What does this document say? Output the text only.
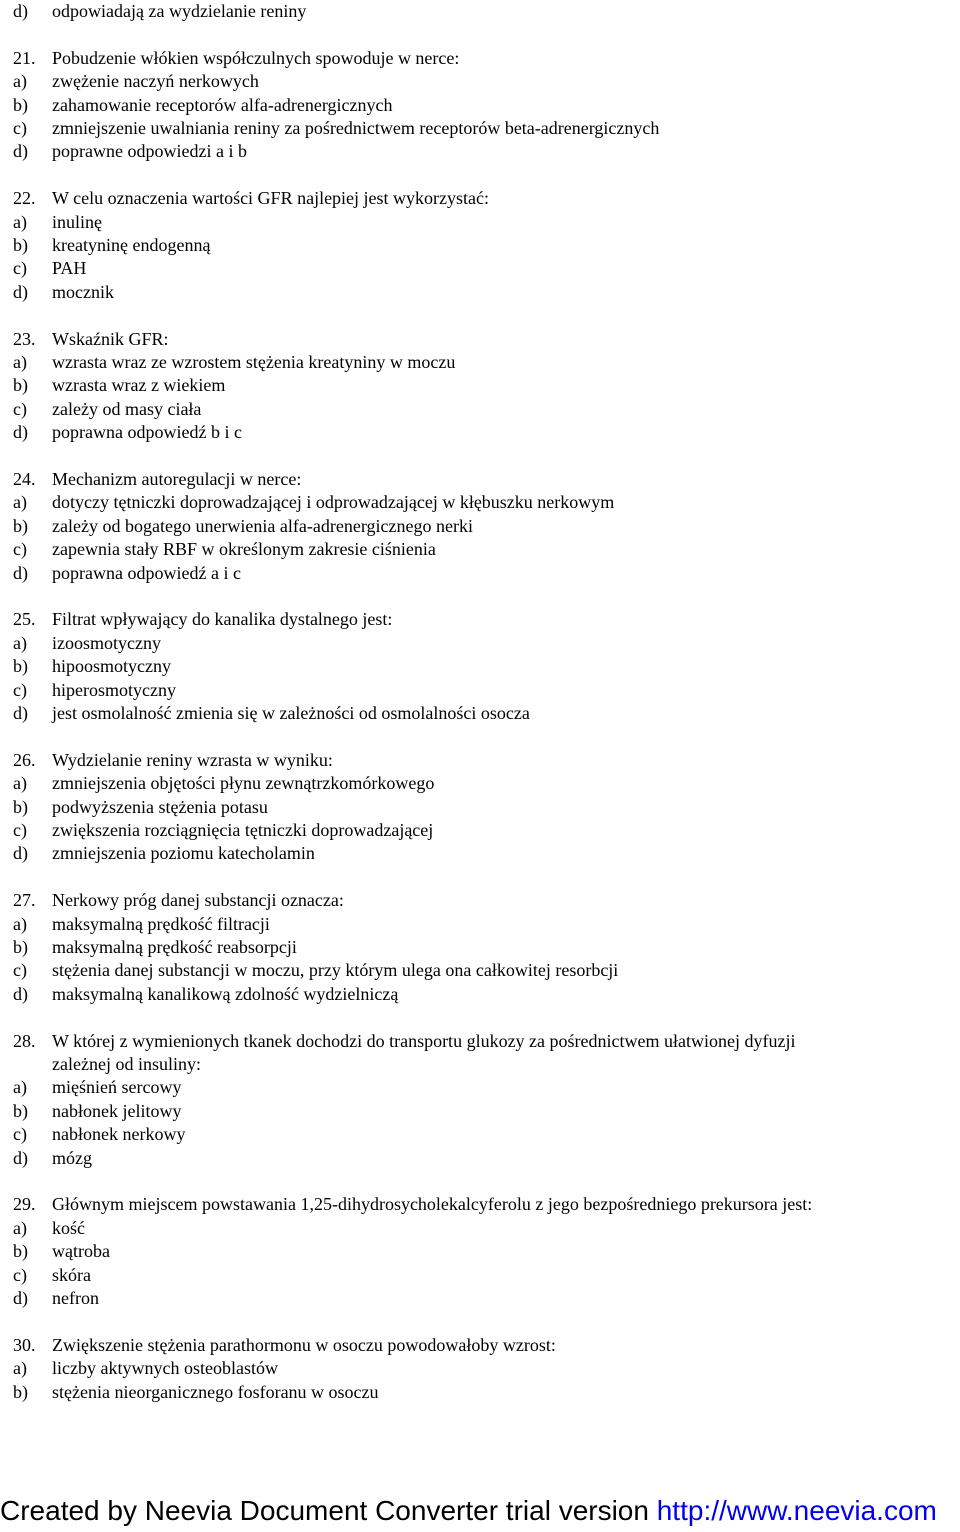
d) odpowiadają za wydzielanie reniny
21. Pobudzenie włókien współczulnych spowoduje w nerce:
a) zwężenie naczyń nerkowych
b) zahamowanie receptorów alfa-adrenergicznych
c) zmniejszenie uwalniania reniny za pośrednictwem receptorów beta-adrenergicznych
d) poprawne odpowiedzi a i b
22. W celu oznaczenia wartości GFR najlepiej jest wykorzystać:
a) inulinę
b) kreatyninę endogenną
c) PAH
d) mocznik
23. Wskaźnik GFR:
a) wzrasta wraz ze wzrostem stężenia kreatyniny w moczu
b) wzrasta wraz z wiekiem
c) zależy od masy ciała
d) poprawna odpowiedź b i c
24. Mechanizm autoregulacji w nerce:
a) dotyczy tętniczki doprowadzającej i odprowadzającej w kłębuszku nerkowym
b) zależy od bogatego unerwienia alfa-adrenergicznego nerki
c) zapewnia stały RBF w określonym zakresie ciśnienia
d) poprawna odpowiedź a i c
25. Filtrat wpływający do kanalika dystalnego jest:
a) izoosmotyczny
b) hipoosmotyczny
c) hiperosmotyczny
d) jest osmolalność zmienia się w zależności od osmolalności osocza
26. Wydzielanie reniny wzrasta w wyniku:
a) zmniejszenia objętości płynu zewnątrzkomórkowego
b) podwyższenia stężenia potasu
c) zwiększenia rozciągnięcia tętniczki doprowadzającej
d) zmniejszenia poziomu katecholamin
27. Nerkowy próg danej substancji oznacza:
a) maksymalną prędkość filtracji
b) maksymalną prędkość reabsorpcji
c) stężenia danej substancji w moczu, przy którym ulega ona całkowitej resorbcji
d) maksymalną kanalikową zdolność wydzielniczą
28. W której z wymienionych tkanek dochodzi do transportu glukozy za pośrednictwem ułatwionej dyfuzji
zależnej od insuliny:
a) mięśnień sercowy
b) nabłonek jelitowy
c) nabłonek nerkowy
d) mózg
29. Głównym miejscem powstawania 1,25-dihydrosycholekalcyferolu z jego bezpośredniego prekursora jest:
a) kość
b) wątroba
c) skóra
d) nefron
30. Zwiększenie stężenia parathormonu w osoczu powodowałoby wzrost:
a) liczby aktywnych osteoblastów
b) stężenia nieorganicznego fosforanu w osoczu
Created by Neevia Document Converter trial version http://www.neevia.com
